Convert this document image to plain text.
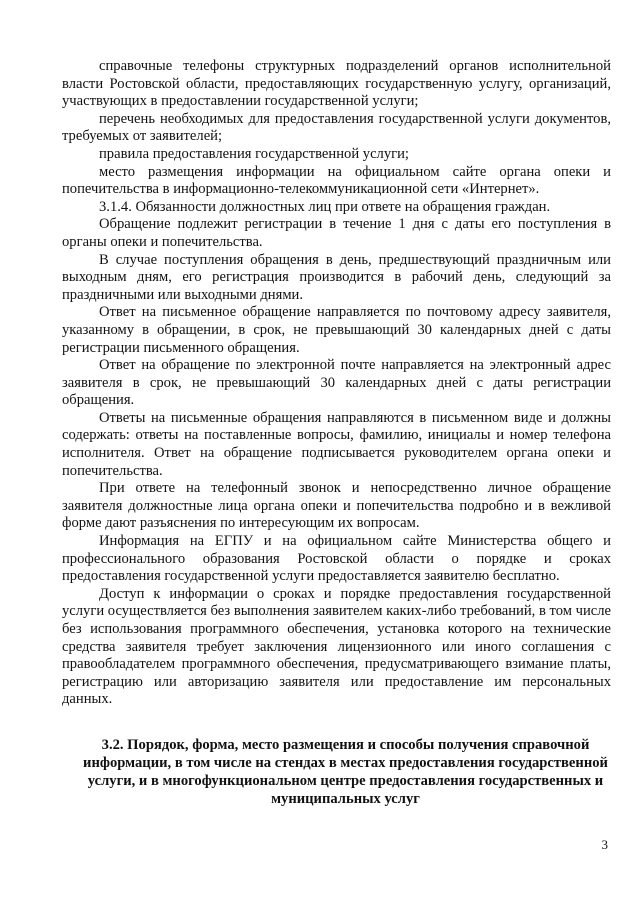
справочные телефоны структурных подразделений органов исполнительной власти Ростовской области, предоставляющих государственную услугу, организаций, участвующих в предоставлении государственной услуги;

перечень необходимых для предоставления государственной услуги документов, требуемых от заявителей;

правила предоставления государственной услуги;

место размещения информации на официальном сайте органа опеки и попечительства в информационно-телекоммуникационной сети «Интернет».

3.1.4. Обязанности должностных лиц при ответе на обращения граждан.

Обращение подлежит регистрации в течение 1 дня с даты его поступления в органы опеки и попечительства.

В случае поступления обращения в день, предшествующий праздничным или выходным дням, его регистрация производится в рабочий день, следующий за праздничными или выходными днями.

Ответ на письменное обращение направляется по почтовому адресу заявителя, указанному в обращении, в срок, не превышающий 30 календарных дней с даты регистрации письменного обращения.

Ответ на обращение по электронной почте направляется на электронный адрес заявителя в срок, не превышающий 30 календарных дней с даты регистрации обращения.

Ответы на письменные обращения направляются в письменном виде и должны содержать: ответы на поставленные вопросы, фамилию, инициалы и номер телефона исполнителя. Ответ на обращение подписывается руководителем органа опеки и попечительства.

При ответе на телефонный звонок и непосредственно личное обращение заявителя должностные лица органа опеки и попечительства подробно и в вежливой форме дают разъяснения по интересующим их вопросам.

Информация на ЕГПУ и на официальном сайте Министерства общего и профессионального образования Ростовской области о порядке и сроках предоставления государственной услуги предоставляется заявителю бесплатно.

Доступ к информации о сроках и порядке предоставления государственной услуги осуществляется без выполнения заявителем каких-либо требований, в том числе без использования программного обеспечения, установка которого на технические средства заявителя требует заключения лицензионного или иного соглашения с правообладателем программного обеспечения, предусматривающего взимание платы, регистрацию или авторизацию заявителя или предоставление им персональных данных.

3.2. Порядок, форма, место размещения и способы получения справочной информации, в том числе на стендах в местах предоставления государственной услуги, и в многофункциональном центре предоставления государственных и муниципальных услуг
3
